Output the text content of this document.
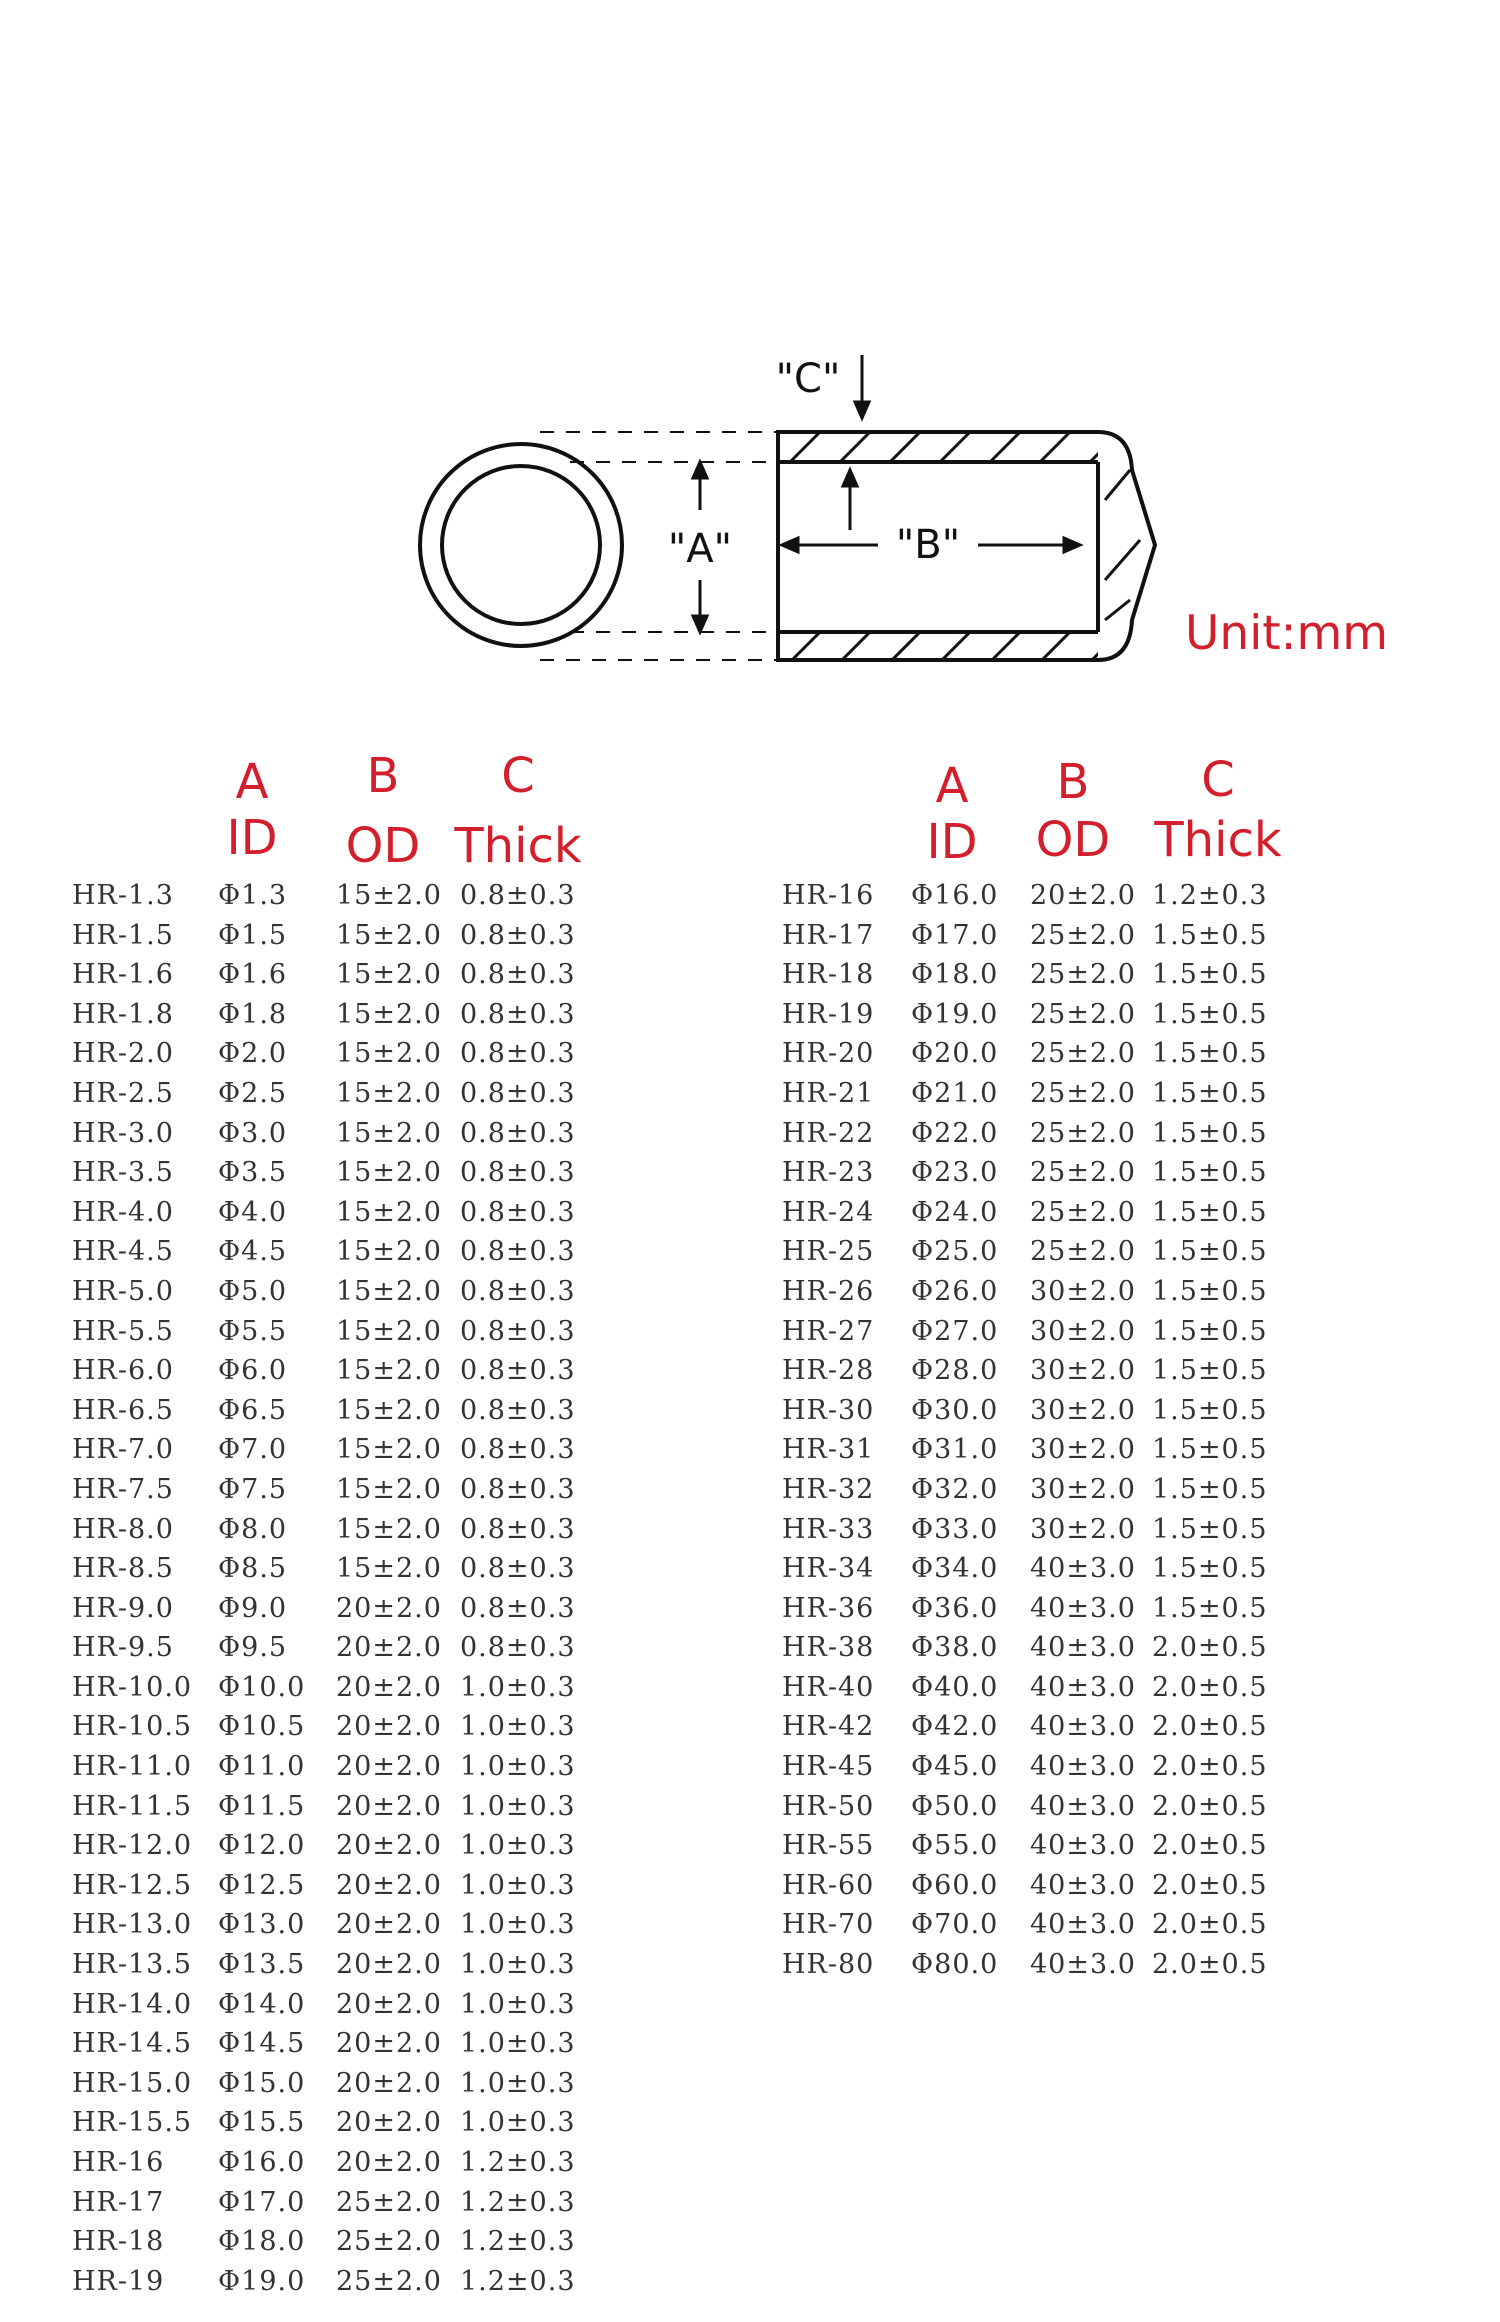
"A"	"B"
"C"
Unit:mm
A
ID
B
OD
C
Thick
A
ID
B
OD
C
Thick
HR-1.3 Φ1.3 15±2.0 0.8±0.3
HR-1.5 Φ1.5 15±2.0 0.8±0.3
HR-1.6 Φ1.6 15±2.0 0.8±0.3
HR-1.8 Φ1.8 15±2.0 0.8±0.3
HR-2.0 Φ2.0 15±2.0 0.8±0.3
HR-2.5 Φ2.5 15±2.0 0.8±0.3
HR-3.0 Φ3.0 15±2.0 0.8±0.3
HR-3.5 Φ3.5 15±2.0 0.8±0.3
HR-4.0 Φ4.0 15±2.0 0.8±0.3
HR-4.5 Φ4.5 15±2.0 0.8±0.3
HR-5.0 Φ5.0 15±2.0 0.8±0.3
HR-5.5 Φ5.5 15±2.0 0.8±0.3
HR-6.0 Φ6.0 15±2.0 0.8±0.3
HR-6.5 Φ6.5 15±2.0 0.8±0.3
HR-7.0 Φ7.0 15±2.0 0.8±0.3
HR-7.5 Φ7.5 15±2.0 0.8±0.3
HR-8.0 Φ8.0 15±2.0 0.8±0.3
HR-8.5 Φ8.5 15±2.0 0.8±0.3
HR-9.0 Φ9.0 20±2.0 0.8±0.3
HR-9.5 Φ9.5 20±2.0 0.8±0.3
HR-10.0 Φ10.0 20±2.0 1.0±0.3
HR-10.5 Φ10.5 20±2.0 1.0±0.3
HR-11.0 Φ11.0 20±2.0 1.0±0.3
HR-11.5 Φ11.5 20±2.0 1.0±0.3
HR-12.0 Φ12.0 20±2.0 1.0±0.3
HR-12.5 Φ12.5 20±2.0 1.0±0.3
HR-13.0 Φ13.0 20±2.0 1.0±0.3
HR-13.5 Φ13.5 20±2.0 1.0±0.3
HR-14.0 Φ14.0 20±2.0 1.0±0.3
HR-14.5 Φ14.5 20±2.0 1.0±0.3
HR-15.0 Φ15.0 20±2.0 1.0±0.3
HR-15.5 Φ15.5 20±2.0 1.0±0.3
HR-16 Φ16.0 20±2.0 1.2±0.3
HR-17 Φ17.0 25±2.0 1.2±0.3
HR-18 Φ18.0 25±2.0 1.2±0.3
HR-19 Φ19.0 25±2.0 1.2±0.3
HR-16 Φ16.0 20±2.0 1.2±0.3
HR-17 Φ17.0 25±2.0 1.5±0.5
HR-18 Φ18.0 25±2.0 1.5±0.5
HR-19 Φ19.0 25±2.0 1.5±0.5
HR-20 Φ20.0 25±2.0 1.5±0.5
HR-21 Φ21.0 25±2.0 1.5±0.5
HR-22 Φ22.0 25±2.0 1.5±0.5
HR-23 Φ23.0 25±2.0 1.5±0.5
HR-24 Φ24.0 25±2.0 1.5±0.5
HR-25 Φ25.0 25±2.0 1.5±0.5
HR-26 Φ26.0 30±2.0 1.5±0.5
HR-27 Φ27.0 30±2.0 1.5±0.5
HR-28 Φ28.0 30±2.0 1.5±0.5
HR-30 Φ30.0 30±2.0 1.5±0.5
HR-31 Φ31.0 30±2.0 1.5±0.5
HR-32 Φ32.0 30±2.0 1.5±0.5
HR-33 Φ33.0 30±2.0 1.5±0.5
HR-34 Φ34.0 40±3.0 1.5±0.5
HR-36 Φ36.0 40±3.0 1.5±0.5
HR-38 Φ38.0 40±3.0 2.0±0.5
HR-40 Φ40.0 40±3.0 2.0±0.5
HR-42 Φ42.0 40±3.0 2.0±0.5
HR-45 Φ45.0 40±3.0 2.0±0.5
HR-50 Φ50.0 40±3.0 2.0±0.5
HR-55 Φ55.0 40±3.0 2.0±0.5
HR-60 Φ60.0 40±3.0 2.0±0.5
HR-70 Φ70.0 40±3.0 2.0±0.5
HR-80 Φ80.0 40±3.0 2.0±0.5
